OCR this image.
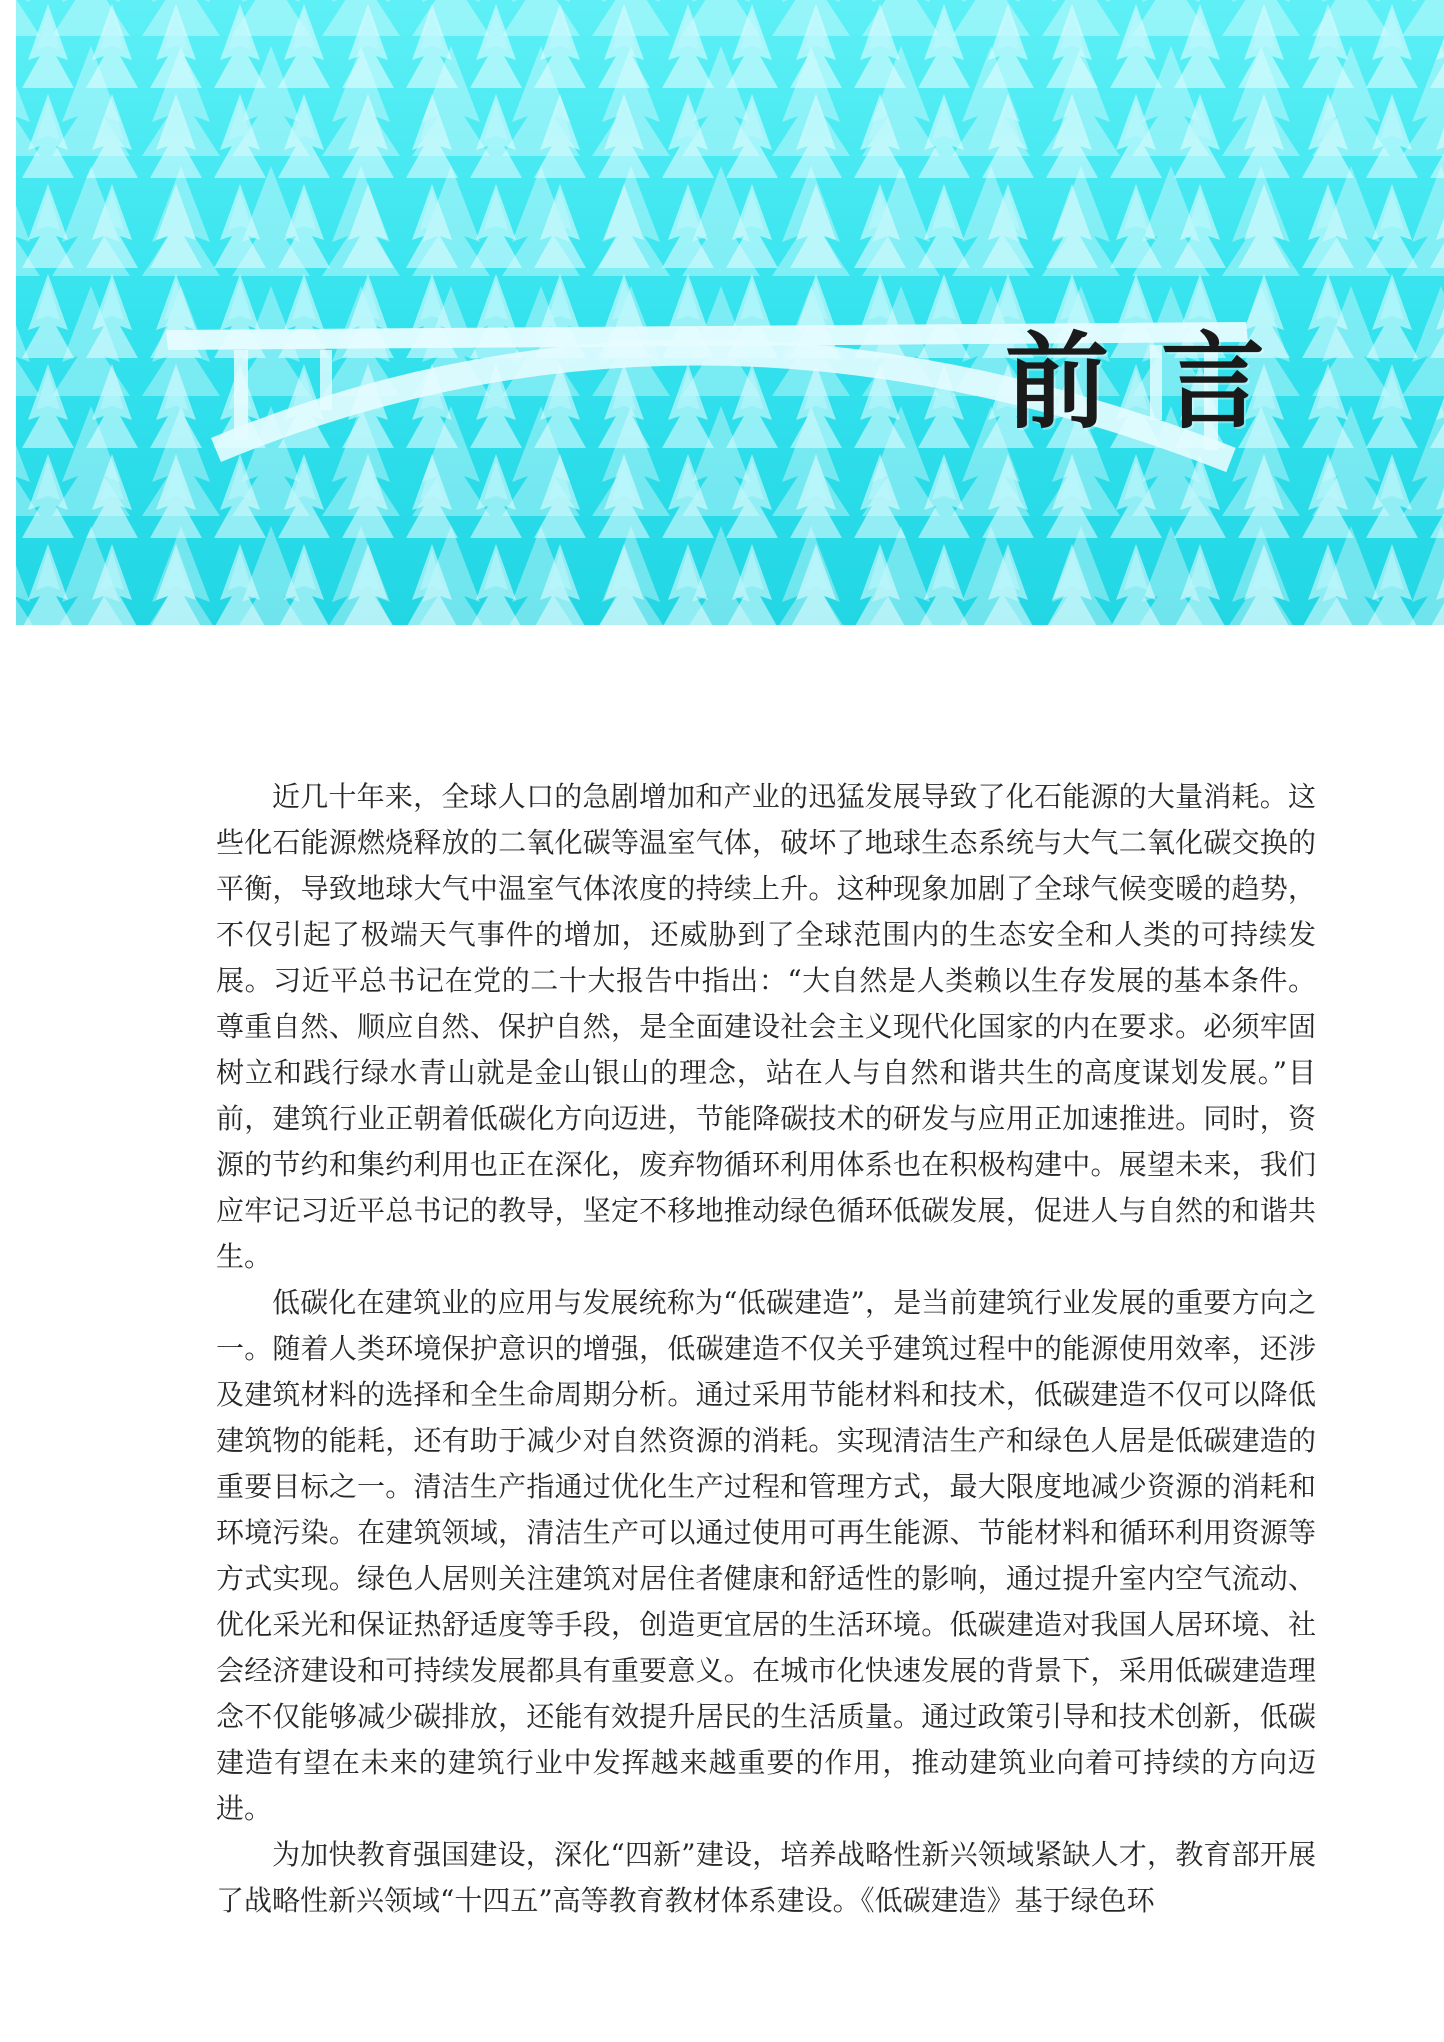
前言

近几十年来，全球人口的急剧增加和产业的迅猛发展导致了化石能源的大量消耗。这些化石能源燃烧释放的二氧化碳等温室气体，破坏了地球生态系统与大气二氧化碳交换的平衡，导致地球大气中温室气体浓度的持续上升。这种现象加剧了全球气候变暖的趋势，不仅引起了极端天气事件的增加，还威胁到了全球范围内的生态安全和人类的可持续发展。习近平总书记在党的二十大报告中指出：“大自然是人类赖以生存发展的基本条件。尊重自然、顺应自然、保护自然，是全面建设社会主义现代化国家的内在要求。必须牢固树立和践行绿水青山就是金山银山的理念，站在人与自然和谐共生的高度谋划发展。”目前，建筑行业正朝着低碳化方向迈进，节能降碳技术的研发与应用正加速推进。同时，资源的节约和集约利用也正在深化，废弃物循环利用体系也在积极构建中。展望未来，我们应牢记习近平总书记的教导，坚定不移地推动绿色循环低碳发展，促进人与自然的和谐共生。

低碳化在建筑业的应用与发展统称为“低碳建造”，是当前建筑行业发展的重要方向之一。随着人类环境保护意识的增强，低碳建造不仅关乎建筑过程中的能源使用效率，还涉及建筑材料的选择和全生命周期分析。通过采用节能材料和技术，低碳建造不仅可以降低建筑物的能耗，还有助于减少对自然资源的消耗。实现清洁生产和绿色人居是低碳建造的重要目标之一。清洁生产指通过优化生产过程和管理方式，最大限度地减少资源的消耗和环境污染。在建筑领域，清洁生产可以通过使用可再生能源、节能材料和循环利用资源等方式实现。绿色人居则关注建筑对居住者健康和舒适性的影响，通过提升室内空气流动、优化采光和保证热舒适度等手段，创造更宜居的生活环境。低碳建造对我国人居环境、社会经济建设和可持续发展都具有重要意义。在城市化快速发展的背景下，采用低碳建造理念不仅能够减少碳排放，还能有效提升居民的生活质量。通过政策引导和技术创新，低碳建造有望在未来的建筑行业中发挥越来越重要的作用，推动建筑业向着可持续的方向迈进。

为加快教育强国建设，深化“四新”建设，培养战略性新兴领域紧缺人才，教育部开展了战略性新兴领域“十四五”高等教育教材体系建设。《低碳建造》基于绿色环
